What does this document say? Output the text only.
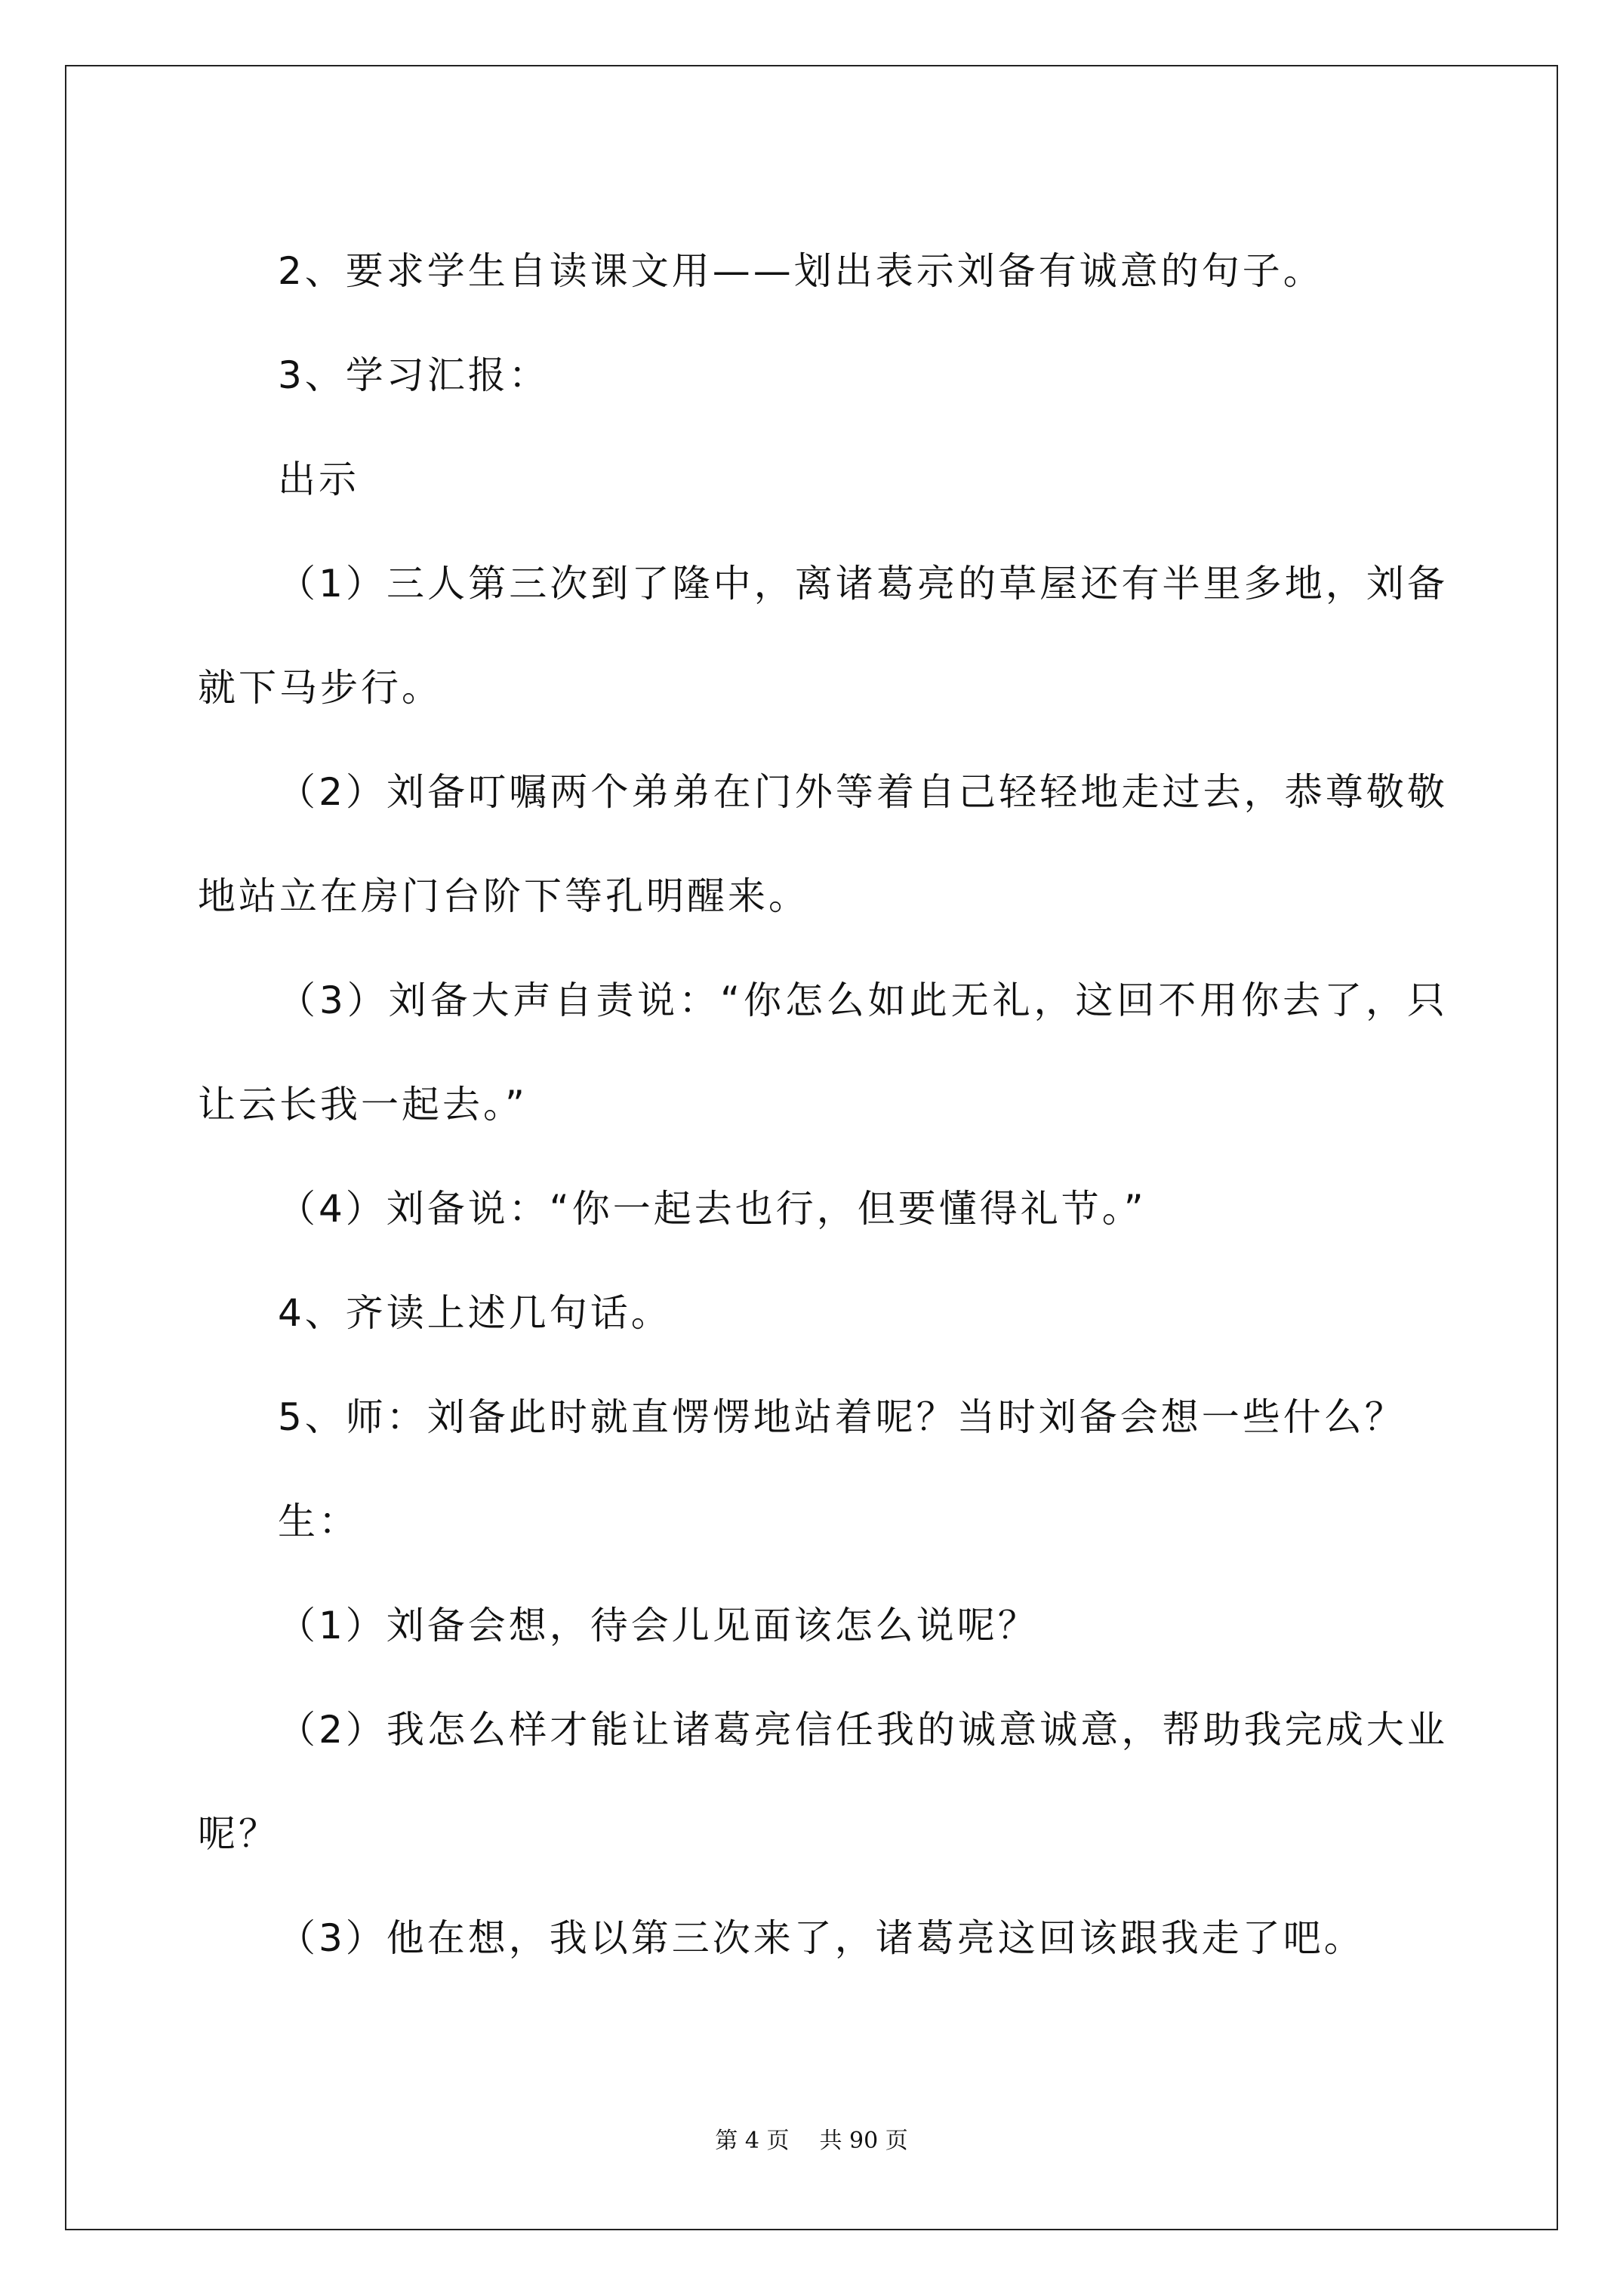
2、要求学生自读课文用——划出表示刘备有诚意的句子。

3、学习汇报：

出示

（1）三人第三次到了隆中，离诸葛亮的草屋还有半里多地，刘备就下马步行。

（2）刘备叮嘱两个弟弟在门外等着自己轻轻地走过去，恭尊敬敬地站立在房门台阶下等孔明醒来。

（3）刘备大声自责说：“你怎么如此无礼，这回不用你去了，只让云长我一起去。”

（4）刘备说：“你一起去也行，但要懂得礼节。”

4、齐读上述几句话。

5、师：刘备此时就直愣愣地站着呢？当时刘备会想一些什么？

生：

（1）刘备会想，待会儿见面该怎么说呢？

（2）我怎么样才能让诸葛亮信任我的诚意诚意，帮助我完成大业呢？

（3）他在想，我以第三次来了，诸葛亮这回该跟我走了吧。

第 4 页 共 90 页
